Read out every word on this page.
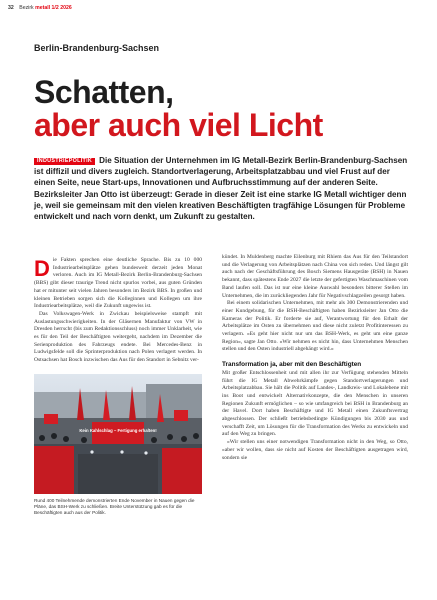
32 Bezirk metall 1/2 2026
Berlin-Brandenburg-Sachsen
Schatten,
aber auch viel Licht
INDUSTRIEPOLITIK Die Situation der Unternehmen im IG Metall-Bezirk Berlin-Brandenburg-Sachsen ist diffizil und divers zugleich. Standortverlagerung, Arbeitsplatzabbau und viel Frust auf der einen Seite, neue Start-ups, Innovationen und Aufbruchsstimmung auf der anderen Seite. Bezirksleiter Jan Otto ist überzeugt: Gerade in dieser Zeit ist eine starke IG Metall wichtiger denn je, weil sie gemeinsam mit den vielen kreativen Beschäftigten tragfähige Lösungen für Probleme entwickelt und nach vorn denkt, um Zukunft zu gestalten.

Die Fakten sprechen eine deutliche Sprache. Bis zu 10 000 Industriearbeitsplätze gehen bundesweit derzeit jeden Monat verloren. Auch im IG Metall-Bezirk Berlin-Brandenburg-Sachsen (BBS) gibt dieser traurige Trend nicht spurlos vorbei, aus guten Gründen hat er mitunter seit vielen Jahren besonders im Bezirk BBS. In großen und kleinen Betrieben sorgen sich die Kolleginnen und Kollegen um ihre Industriearbeitsplätze, weil die Zukunft ungewiss ist.

Das Volkswagen-Werk in Zwickau beispielsweise stampft mit Auslastungsschwierigkeiten. In der Gläsernen Manufaktur von VW in Dresden herrscht (bis zum Redaktionsschluss) noch immer Unklarheit, wie es für den Teil der Beschäftigten weitergeht, nachdem im Dezember die Serienproduktion des Fahrzeugs endete. Bei Mercedes-Benz in Ludwigsfelde soll die Sprinterproduktion nach Polen verlagert werden. In Ostsachsen hat Bosch inzwischen das Aus für den Standort in Sebnitz ver-

Kein Kahlschlag – Fertigung erhalten!
Rund 400 Teilnehmende demonstrierten Ende November in Nauen gegen die Pläne, das BSH-Werk zu schließen. Breite Unterstützung gab es für die Beschäftigten auch aus der Politik.

kündet. In Muldenberg machte Eilenburg mit Rhiem das Aus für den Teilstandort und die Verlagerung von Arbeitsplätzen nach China von sich reden. Und längst gilt auch nach der Geschäftsführung des Bosch Siemens Hausgeräte (BSH) in Nauen bekannt, dass spätestens Ende 2027 die letzte der gefertigten Waschmaschinen vom Band laufen soll. Das ist nur eine kleine Auswahl besonders bitterer Stellen im Unternehmen, die im zurückliegenden Jahr für Negativschlagzeilen gesorgt haben.

Bei einem solidarischen Unternehmen, mit mehr als 300 Demonstrierenden und einer Kundgebung, für die BSH-Beschäftigten haben Bezirksleiter Jan Otto die Kameras der Politik. Er forderte sie auf, Verantwortung für den Erhalt der Arbeitsplätze im Osten zu übernehmen und diese nicht zuletzt Profitinteressen zu verlagern. »Es geht hier nicht nur um das BSH-Werk, es geht um eine ganze Region«, sagte Jan Otto. »Wir nehmen es nicht hin, dass Unternehmen Menschen stellen und den Osten industriell abgehängt wird.«

Transformation ja, aber mit den Beschäftigten

Mit großer Entschlossenheit und mit allen ihr zur Verfügung stehenden Mitteln führt die IG Metall Abwehrkämpfe gegen Standortverlagerungen und Arbeitsplatzabbau. Sie hält die Politik auf Landes-, Landkreis- und Lokalebene mit ins Boot und entwickelt Alternativkonzepte, die den Menschen in unseren Regionen Zukunft ermöglichen – so wie umfangreich bei BSH in Brandenburg an der Havel. Dort haben Beschäftigte und IG Metall einen Zukunftsvertrag abgeschlossen. Der schließt betriebsbedingte Kündigungen bis 2030 aus und verschafft Zeit, um Lösungen für die Transformation des Werks zu entwickeln und auf den Weg zu bringen.

»Wir stellen uns einer notwendigen Transformation nicht in den Weg, so Otto, »aber wir wollen, dass sie nicht auf Kosten der Beschäftigten ausgetragen wird, sondern sie
